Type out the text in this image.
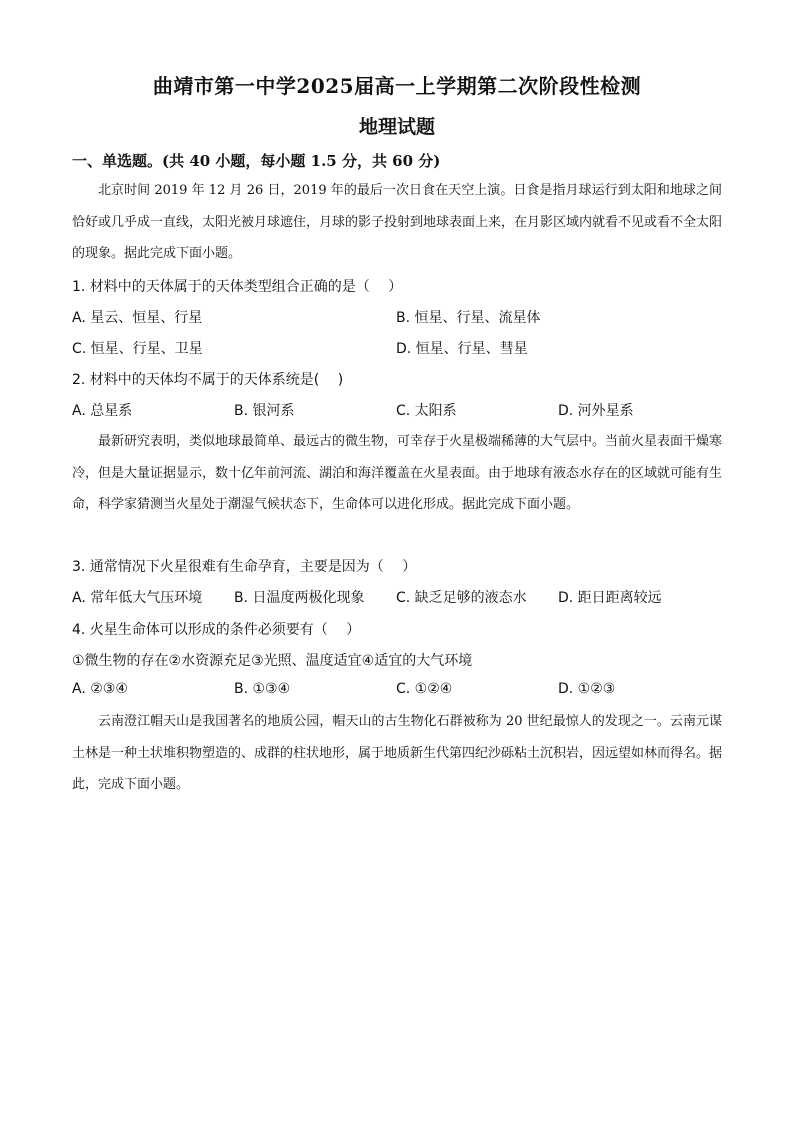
曲靖市第一中学2025届高一上学期第二次阶段性检测
地理试题
一、单选题。(共 40 小题，每小题 1.5 分，共 60 分)
北京时间 2019 年 12 月 26 日，2019 年的最后一次日食在天空上演。日食是指月球运行到太阳和地球之间恰好或几乎成一直线，太阳光被月球遮住，月球的影子投射到地球表面上来，在月影区域内就看不见或看不全太阳的现象。据此完成下面小题。
1. 材料中的天体属于的天体类型组合正确的是（　 ）
A. 星云、恒星、行星	B. 恒星、行星、流星体
C. 恒星、行星、卫星	D. 恒星、行星、彗星
2. 材料中的天体均不属于的天体系统是(　 )
A. 总星系	B. 银河系	C. 太阳系	D. 河外星系
最新研究表明，类似地球最简单、最远古的微生物，可幸存于火星极端稀薄的大气层中。当前火星表面干燥寒冷，但是大量证据显示，数十亿年前河流、湖泊和海洋覆盖在火星表面。由于地球有液态水存在的区域就可能有生命，科学家猜测当火星处于潮湿气候状态下，生命体可以进化形成。据此完成下面小题。
3. 通常情况下火星很难有生命孕育，主要是因为（　 ）
A. 常年低大气压环境 B. 日温度两极化现象 C. 缺乏足够的液态水 D. 距日距离较远
4. 火星生命体可以形成的条件必须要有（　 ）
①微生物的存在②水资源充足③光照、温度适宜④适宜的大气环境
A. ②③④	B. ①③④	C. ①②④	D. ①②③
云南澄江帽天山是我国著名的地质公园，帽天山的古生物化石群被称为 20 世纪最惊人的发现之一。云南元谋土林是一种土状堆积物塑造的、成群的柱状地形，属于地质新生代第四纪沙砾粘土沉积岩，因远望如林而得名。据此，完成下面小题。
